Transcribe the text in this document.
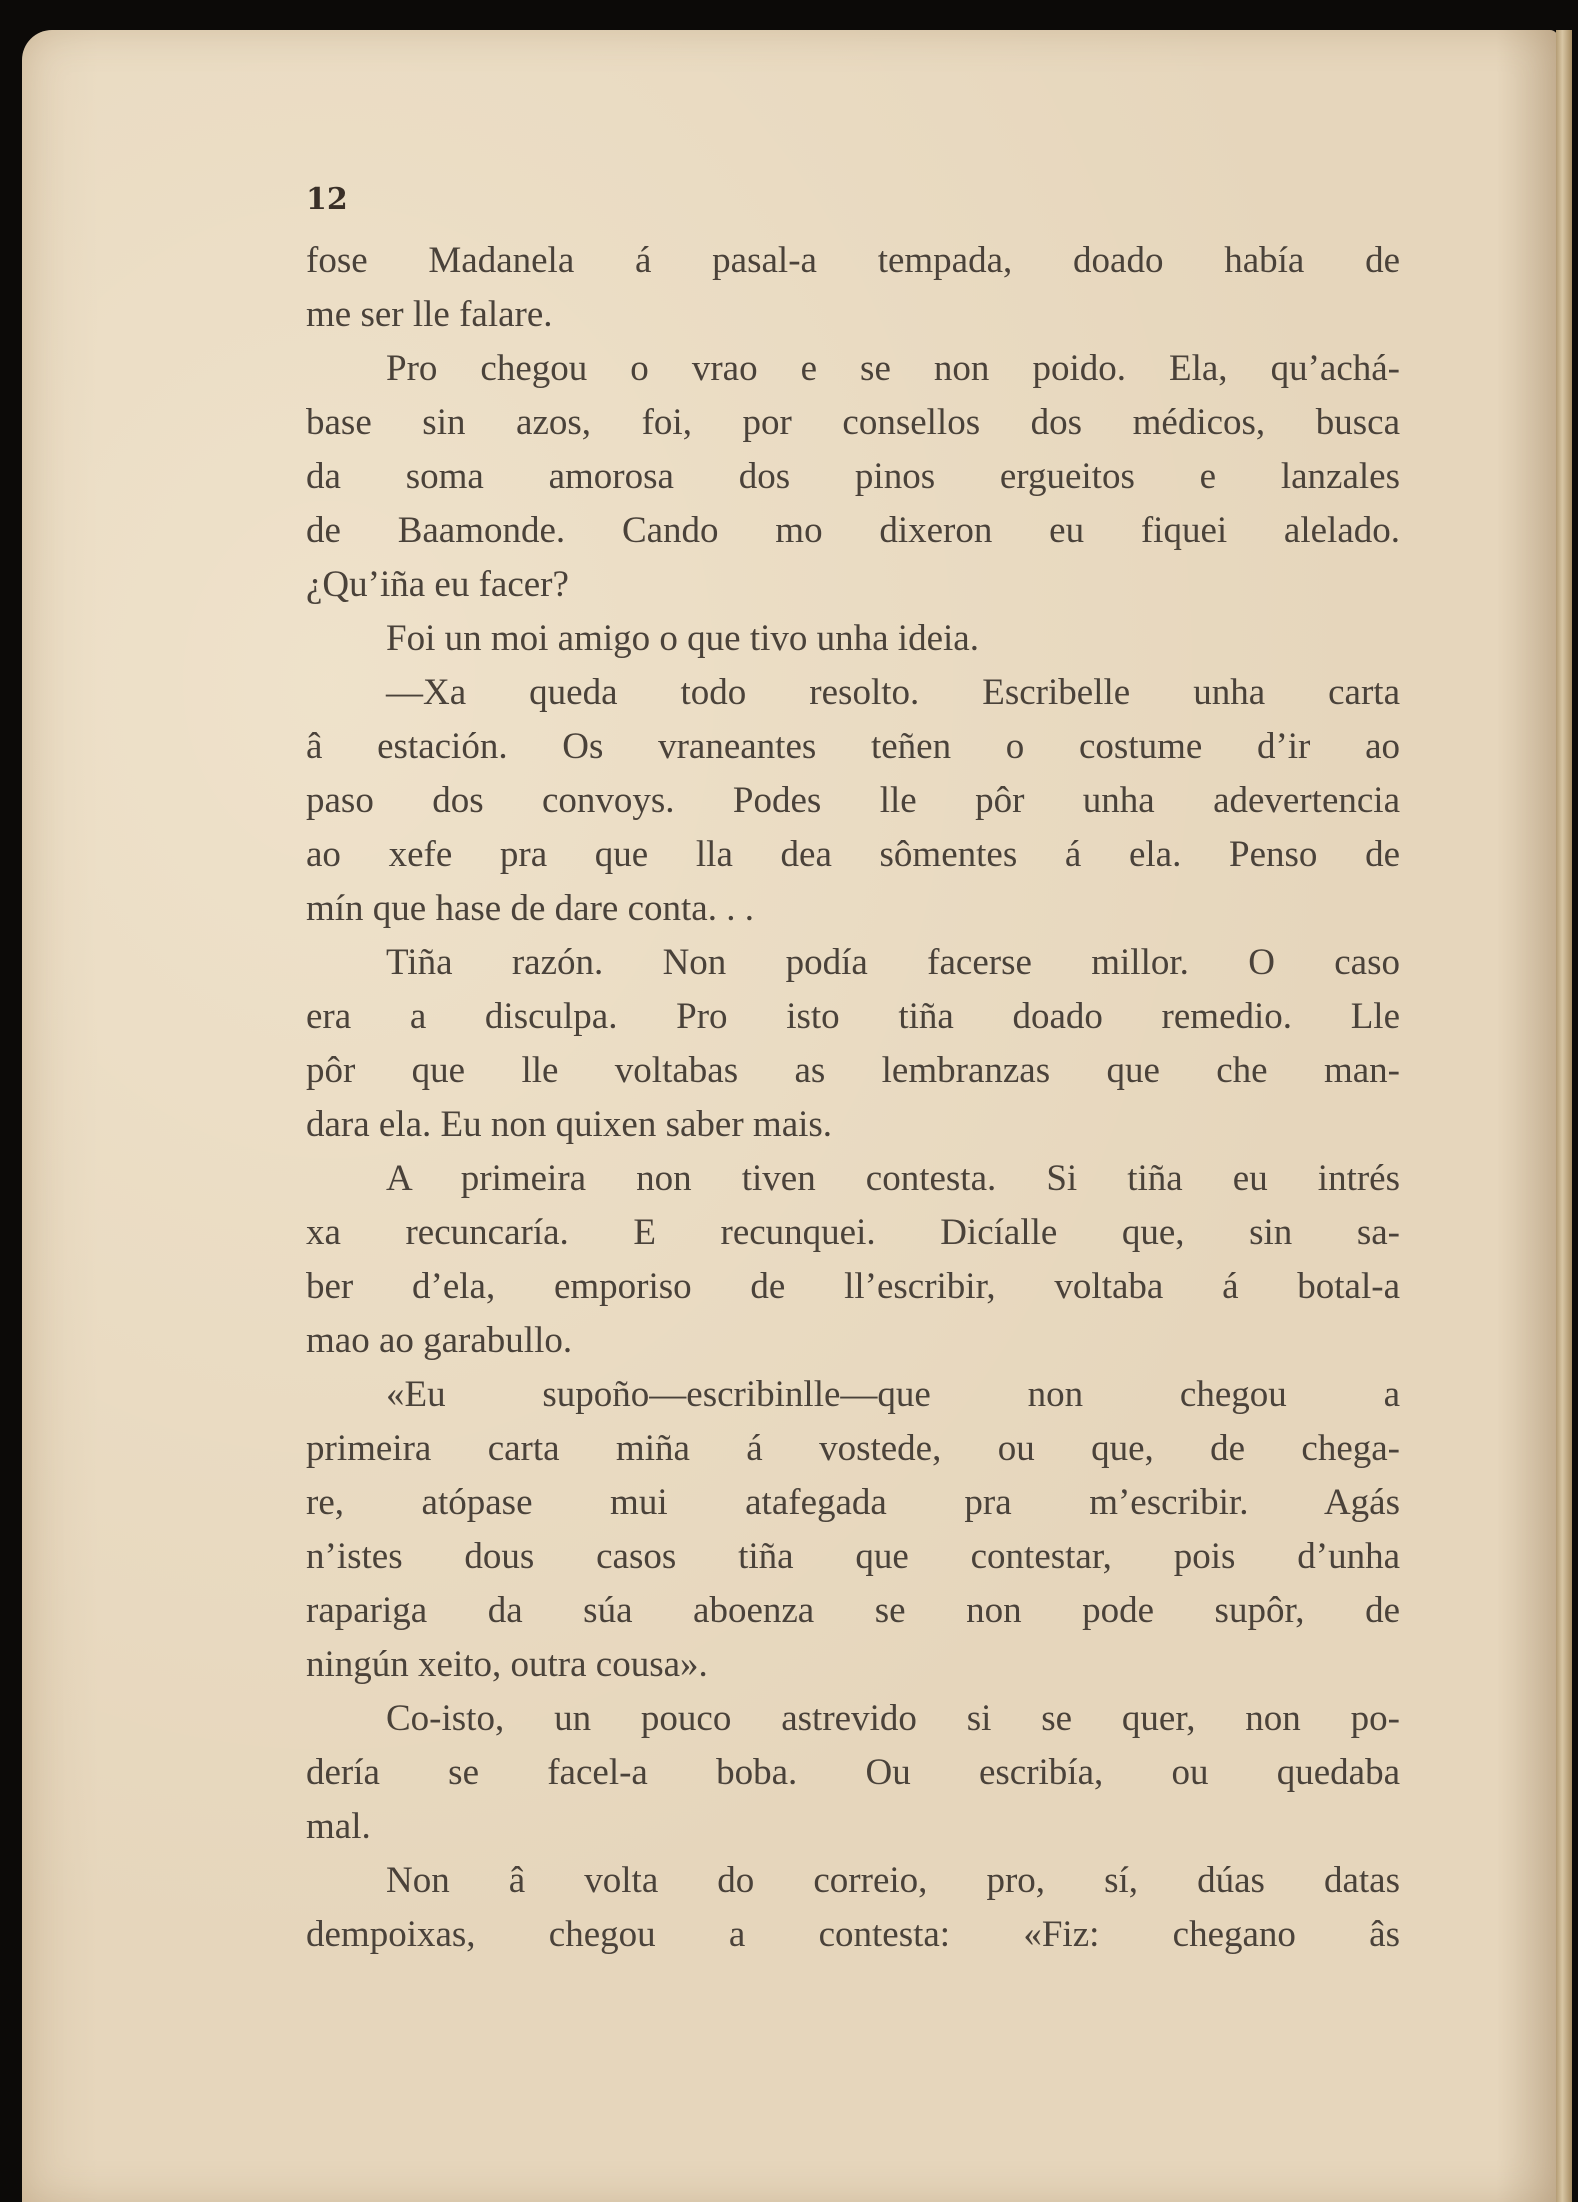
12
fose Madanela á pasal-a tempada, doado había de
me ser lle falare.
Pro chegou o vrao e se non poido. Ela, qu’achá-
base sin azos, foi, por consellos dos médicos, busca
da soma amorosa dos pinos ergueitos e lanzales
de Baamonde. Cando mo dixeron eu fiquei alelado.
¿Qu’iña eu facer?
Foi un moi amigo o que tivo unha ideia.
—Xa queda todo resolto. Escribelle unha carta
â estación. Os vraneantes teñen o costume d’ir ao
paso dos convoys. Podes lle pôr unha adevertencia
ao xefe pra que lla dea sômentes á ela. Penso de
mín que hase de dare conta. . .
Tiña razón. Non podía facerse millor. O caso
era a disculpa. Pro isto tiña doado remedio. Lle
pôr que lle voltabas as lembranzas que che man-
dara ela. Eu non quixen saber mais.
A primeira non tiven contesta. Si tiña eu intrés
xa recuncaría. E recunquei. Dicíalle que, sin sa-
ber d’ela, emporiso de ll’escribir, voltaba á botal-a
mao ao garabullo.
«Eu supoño—escribinlle—que non chegou a
primeira carta miña á vostede, ou que, de chega-
re, atópase mui atafegada pra m’escribir. Agás
n’istes dous casos tiña que contestar, pois d’unha
rapariga da súa aboenza se non pode supôr, de
ningún xeito, outra cousa».
Co-isto, un pouco astrevido si se quer, non po-
dería se facel-a boba. Ou escribía, ou quedaba
mal.
Non â volta do correio, pro, sí, dúas datas
dempoixas, chegou a contesta: «Fiz: chegano âs
